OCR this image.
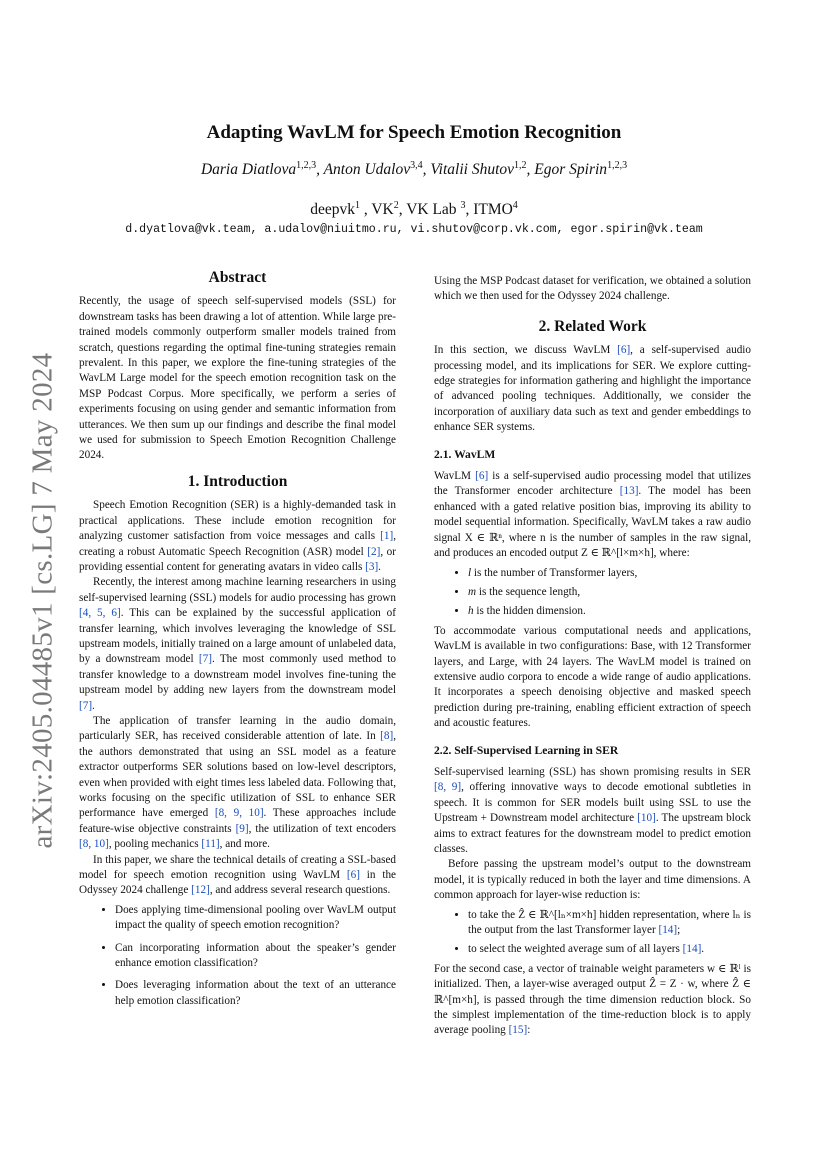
arXiv:2405.04485v1 [cs.LG] 7 May 2024
Adapting WavLM for Speech Emotion Recognition
Daria Diatlova$^{1,2,3}$, Anton Udalov$^{3,4}$, Vitalii Shutov$^{1,2}$, Egor Spirin$^{1,2,3}$
deepvk$^1$ , $VK^2$, VK Lab $^3$, ITMO$^4$
d.dyatlova@vk.team, a.udalov@niuitmo.ru, vi.shutov@corp.vk.com, egor.spirin@vk.team
Abstract

Recently, the usage of speech self-supervised models (SSL) for downstream tasks has been drawing a lot of attention. While large pre-trained models commonly outperform smaller models trained from scratch, questions regarding the optimal fine-tuning strategies remain prevalent. In this paper, we explore the fine-tuning strategies of the WavLM Large model for the speech emotion recognition task on the MSP Podcast Corpus. More specifically, we perform a series of experiments focusing on using gender and semantic information from utterances. We then sum up our findings and describe the final model we used for submission to Speech Emotion Recognition Challenge 2024.

1. Introduction

Speech Emotion Recognition (SER) is a highly-demanded task in practical applications. These include emotion recognition for analyzing customer satisfaction from voice messages and calls [1], creating a robust Automatic Speech Recognition (ASR) model [2], or providing essential content for generating avatars in video calls [3].

Recently, the interest among machine learning researchers in using self-supervised learning (SSL) models for audio processing has grown [4, 5, 6]. This can be explained by the successful application of transfer learning, which involves leveraging the knowledge of SSL upstream models, initially trained on a large amount of unlabeled data, by a downstream model [7]. The most commonly used method to transfer knowledge to a downstream model involves fine-tuning the upstream model by adding new layers from the downstream model [7].

The application of transfer learning in the audio domain, particularly SER, has received considerable attention of late. In [8], the authors demonstrated that using an SSL model as a feature extractor outperforms SER solutions based on low-level descriptors, even when provided with eight times less labeled data. Following that, works focusing on the specific utilization of SSL to enhance SER performance have emerged [8, 9, 10]. These approaches include feature-wise objective constraints [9], the utilization of text encoders [8, 10], pooling mechanics [11], and more.

In this paper, we share the technical details of creating a SSL-based model for speech emotion recognition using WavLM [6] in the Odyssey 2024 challenge [12], and address several research questions.

• Does applying time-dimensional pooling over WavLM output impact the quality of speech emotion recognition?
• Can incorporating information about the speaker’s gender enhance emotion classification?
• Does leveraging information about the text of an utterance help emotion classification?

Using the MSP Podcast dataset for verification, we obtained a solution which we then used for the Odyssey 2024 challenge.

2. Related Work

In this section, we discuss WavLM [6], a self-supervised audio processing model, and its implications for SER. We explore cutting-edge strategies for information gathering and highlight the importance of advanced pooling techniques. Additionally, we consider the incorporation of auxiliary data such as text and gender embeddings to enhance SER systems.

2.1. WavLM

WavLM [6] is a self-supervised audio processing model that utilizes the Transformer encoder architecture [13]. The model has been enhanced with a gated relative position bias, improving its ability to model sequential information. Specifically, WavLM takes a raw audio signal X ∈ ℝⁿ, where n is the number of samples in the raw signal, and produces an encoded output Z ∈ ℝ^[l×m×h], where:

• l is the number of Transformer layers,
• m is the sequence length,
• h is the hidden dimension.

To accommodate various computational needs and applications, WavLM is available in two configurations: Base, with 12 Transformer layers, and Large, with 24 layers. The WavLM model is trained on extensive audio corpora to encode a wide range of audio applications. It incorporates a speech denoising objective and masked speech prediction during pre-training, enabling efficient extraction of speech and acoustic features.

2.2. Self-Supervised Learning in SER

Self-supervised learning (SSL) has shown promising results in SER [8, 9], offering innovative ways to decode emotional subtleties in speech. It is common for SER models built using SSL to use the Upstream + Downstream model architecture [10]. The upstream block aims to extract features for the downstream model to predict emotion classes.

Before passing the upstream model’s output to the downstream model, it is typically reduced in both the layer and time dimensions. A common approach for layer-wise reduction is:

• to take the Ẑ ∈ ℝ^[lₙ×m×h] hidden representation, where lₙ is the output from the last Transformer layer [14];
• to select the weighted average sum of all layers [14].

For the second case, a vector of trainable weight parameters w ∈ ℝˡ is initialized. Then, a layer-wise averaged output Ẑ = Z · w, where Ẑ ∈ ℝ^[m×h], is passed through the time dimension reduction block. So the simplest implementation of the time-reduction block is to apply average pooling [15]:
